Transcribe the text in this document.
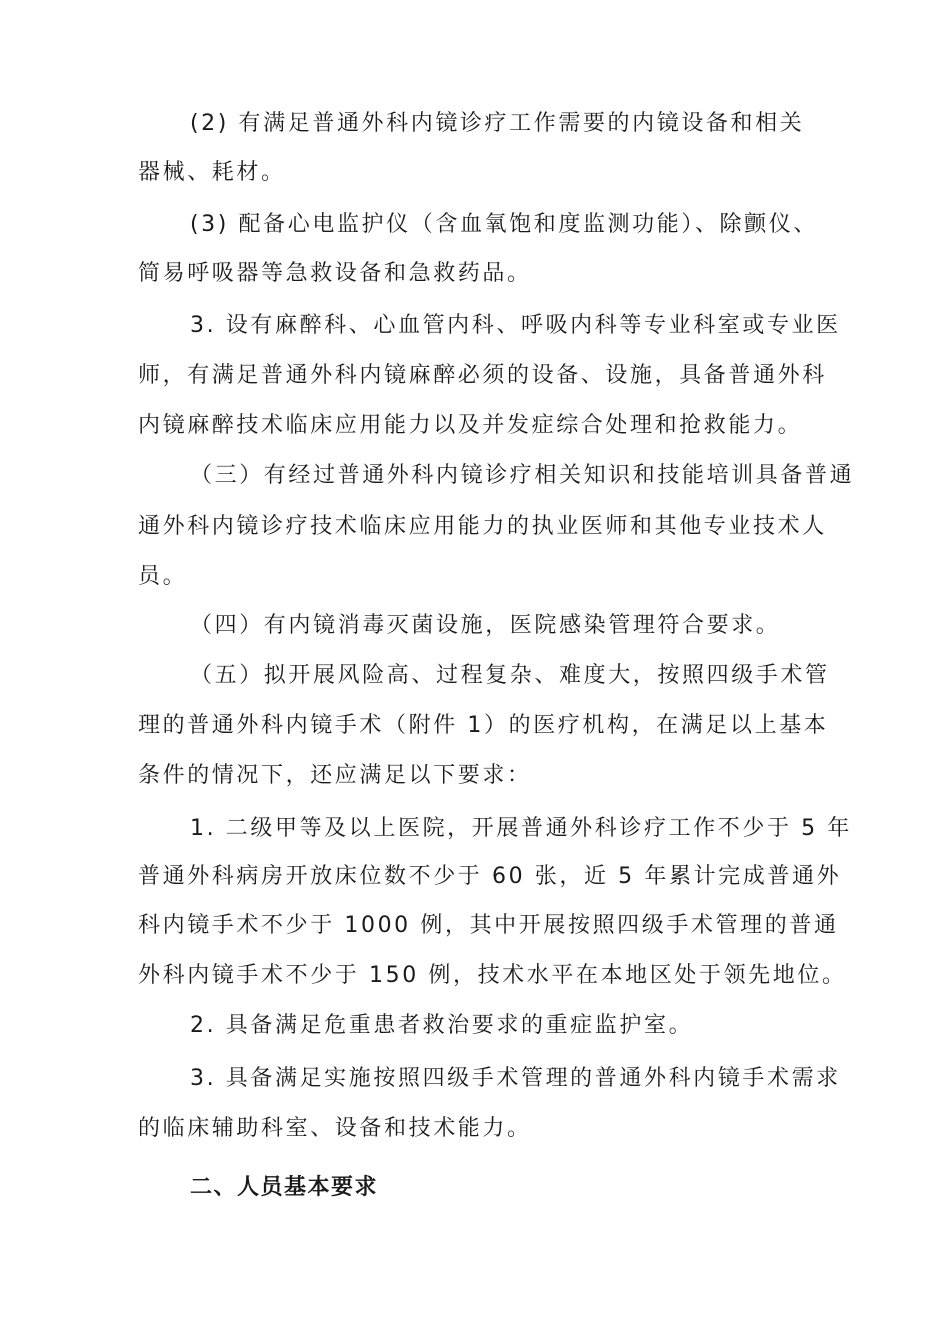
(2) 有满足普通外科内镜诊疗工作需要的内镜设备和相关
器械、耗材。
(3) 配备心电监护仪（含血氧饱和度监测功能）、除颤仪、
简易呼吸器等急救设备和急救药品。
3. 设有麻醉科、心血管内科、呼吸内科等专业科室或专业医
师，有满足普通外科内镜麻醉必须的设备、设施，具备普通外科
内镜麻醉技术临床应用能力以及并发症综合处理和抢救能力。
（三）有经过普通外科内镜诊疗相关知识和技能培训具备普通
通外科内镜诊疗技术临床应用能力的执业医师和其他专业技术人
员。
（四）有内镜消毒灭菌设施，医院感染管理符合要求。
（五）拟开展风险高、过程复杂、难度大，按照四级手术管
理的普通外科内镜手术（附件 1）的医疗机构，在满足以上基本
条件的情况下，还应满足以下要求：
1. 二级甲等及以上医院，开展普通外科诊疗工作不少于 5 年
普通外科病房开放床位数不少于 60 张，近 5 年累计完成普通外
科内镜手术不少于 1000 例，其中开展按照四级手术管理的普通
外科内镜手术不少于 150 例，技术水平在本地区处于领先地位。
2. 具备满足危重患者救治要求的重症监护室。
3. 具备满足实施按照四级手术管理的普通外科内镜手术需求
的临床辅助科室、设备和技术能力。
二、人员基本要求
